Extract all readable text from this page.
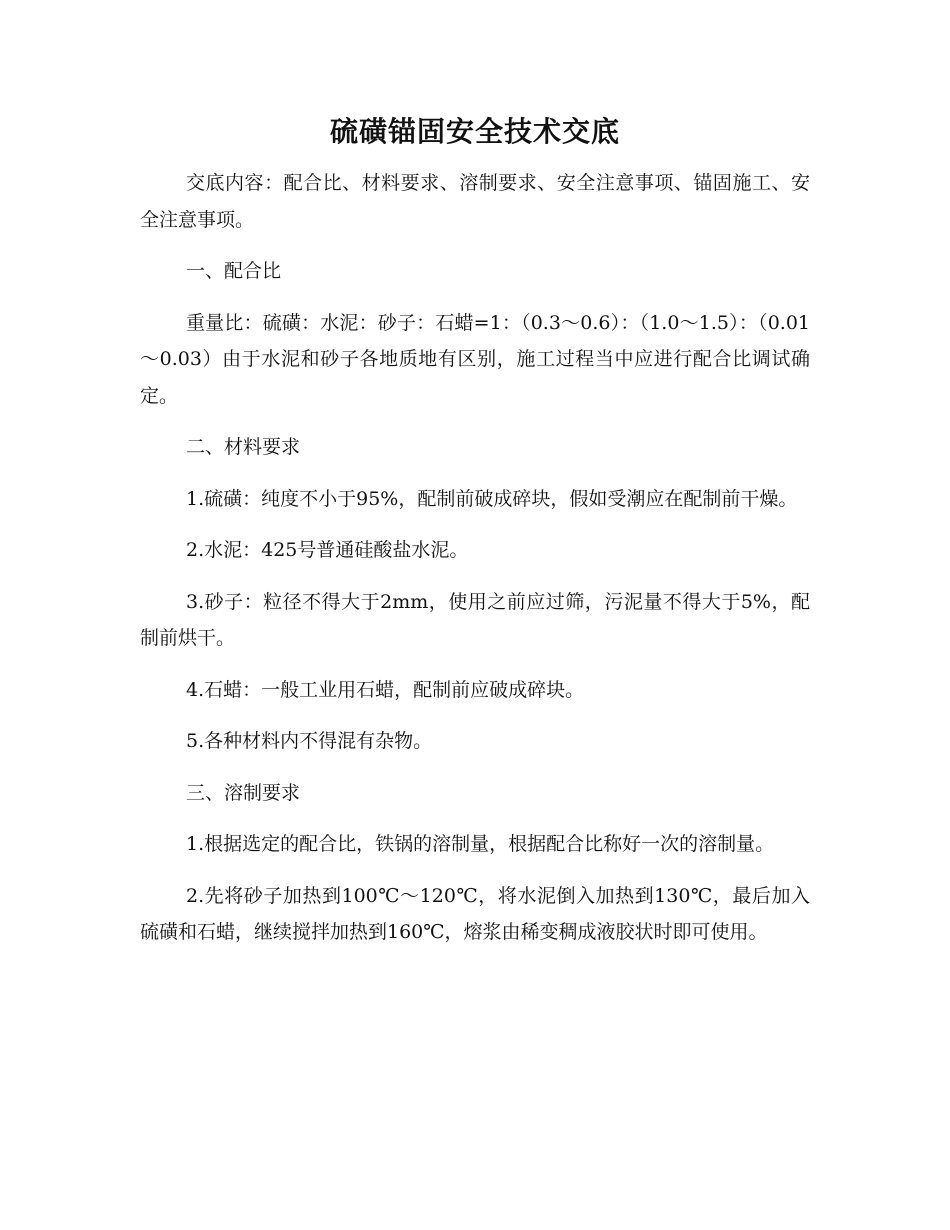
硫磺锚固安全技术交底

交底内容：配合比、材料要求、溶制要求、安全注意事项、锚固施工、安全注意事项。

一、配合比

重量比：硫磺：水泥：砂子：石蜡=1：（0.3～0.6）：（1.0～1.5）：（0.01～0.03）由于水泥和砂子各地质地有区别，施工过程当中应进行配合比调试确定。

二、材料要求

1.硫磺：纯度不小于95%，配制前破成碎块，假如受潮应在配制前干燥。

2.水泥：425号普通硅酸盐水泥。

3.砂子：粒径不得大于2mm，使用之前应过筛，污泥量不得大于5%，配制前烘干。

4.石蜡：一般工业用石蜡，配制前应破成碎块。

5.各种材料内不得混有杂物。

三、溶制要求

1.根据选定的配合比，铁锅的溶制量，根据配合比称好一次的溶制量。

2.先将砂子加热到100℃～120℃，将水泥倒入加热到130℃，最后加入硫磺和石蜡，继续搅拌加热到160℃，熔浆由稀变稠成液胶状时即可使用。
